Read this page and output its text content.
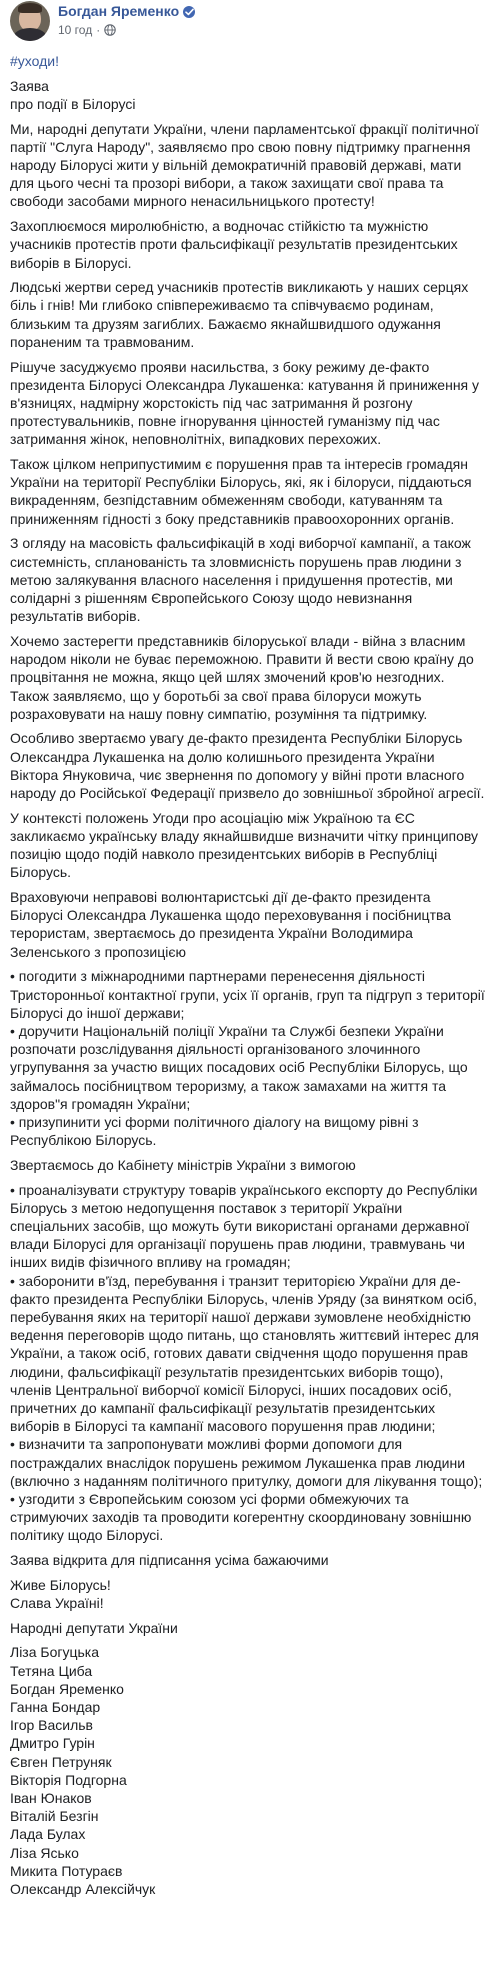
Богдан Яременко
10 год ·

#уходи!

Заява
про події в Білорусі

Ми, народні депутати України, члени парламентської фракції політичної партії "Слуга Народу", заявляємо про свою повну підтримку прагнення народу Білорусі жити у вільній демократичній правовій державі, мати для цього чесні та прозорі вибори, а також захищати свої права та свободи засобами мирного ненасильницького протесту!

Захоплюємося миролюбністю, а водночас стійкістю та мужністю учасників протестів проти фальсифікації результатів президентських виборів в Білорусі.

Людські жертви серед учасників протестів викликають у наших серцях біль і гнів! Ми глибоко співпереживаємо та співчуваємо родинам, близьким та друзям загиблих. Бажаємо якнайшвидшого одужання пораненим та травмованим.

Рішуче засуджуємо прояви насильства, з боку режиму де-факто президента Білорусі Олександра Лукашенка: катування й приниження у в'язницях, надмірну жорстокість під час затримання й розгону протестувальників, повне ігнорування цінностей гуманізму під час затримання жінок, неповнолітніх, випадкових перехожих.

Також цілком неприпустимим є порушення прав та інтересів громадян України на території Республіки Білорусь, які, як і білоруси, піддаються викраденням, безпідставним обмеженням свободи, катуванням та приниженням гідності з боку представників правоохоронних органів.

З огляду на масовість фальсифікацій в ході виборчої кампанії, а також системність, спланованість та зловмисність порушень прав людини з метою залякування власного населення і придушення протестів, ми солідарні з рішенням Європейського Союзу щодо невизнання результатів виборів.

Хочемо застерегти представників білоруської влади - війна з власним народом ніколи не буває переможною. Правити й вести свою країну до процвітання не можна, якщо цей шлях змочений кров'ю незгодних. Також заявляємо, що у боротьбі за свої права білоруси можуть розраховувати на нашу повну симпатію, розуміння та підтримку.

Особливо звертаємо увагу де-факто президента Республіки Білорусь Олександра Лукашенка на долю колишнього президента України Віктора Януковича, чиє звернення по допомогу у війні проти власного народу до Російської Федерації призвело до зовнішньої збройної агресії.

У контексті положень Угоди про асоціацію між Україною та ЄС закликаємо українську владу якнайшвидше визначити чітку принципову позицію щодо подій навколо президентських виборів в Республіці Білорусь.

Враховуючи неправові волюнтаристські дії де-факто президента Білорусі Олександра Лукашенка щодо переховування і посібництва терористам, звертаємось до президента України Володимира Зеленського з пропозицією

• погодити з міжнародними партнерами перенесення діяльності Тристоронньої контактної групи, усіх її органів, груп та підгруп з території Білорусі до іншої держави;
• доручити Національній поліції України та Службі безпеки України розпочати розслідування діяльності організованого злочинного угрупування за участю вищих посадових осіб Республіки Білорусь, що займалось посібництвом тероризму, а також замахами на життя та здоров"я громадян України;
• призупинити усі форми політичного діалогу на вищому рівні з Республікою Білорусь.

Звертаємось до Кабінету міністрів України з вимогою

• проаналізувати структуру товарів українського експорту до Республіки Білорусь з метою недопущення поставок з території України спеціальних засобів, що можуть бути використані органами державної влади Білорусі для організації порушень прав людини, травмувань чи інших видів фізичного впливу на громадян;
• заборонити в'їзд, перебування і транзит територією України для де-факто президента Республіки Білорусь, членів Уряду (за винятком осіб, перебування яких на території нашої держави зумовлене необхідністю ведення переговорів щодо питань, що становлять життєвий інтерес для України, а також осіб, готових давати свідчення щодо порушення прав людини, фальсифікації результатів президентських виборів тощо), членів Центральної виборчої комісії Білорусі, інших посадових осіб, причетних до кампанії фальсифікації результатів президентських виборів в Білорусі та кампанії масового порушення прав людини;
• визначити та запропонувати можливі форми допомоги для постраждалих внаслідок порушень режимом Лукашенка прав людини (включно з наданням політичного притулку, домоги для лікування тощо);
• узгодити з Європейським союзом усі форми обмежуючих та стримуючих заходів та проводити когерентну скоординовану зовнішню політику щодо Білорусі.

Заява відкрита для підписання усіма бажаючими

Живе Білорусь!
Слава Україні!

Народні депутати України

Ліза Богуцька
Тетяна Циба
Богдан Яременко
Ганна Бондар
Ігор Васильв
Дмитро Гурін
Євген Петруняк
Вікторія Подгорна
Іван Юнаков
Віталій Безгін
Лада Булах
Ліза Ясько
Микита Потураєв
Олександр Алексійчук
